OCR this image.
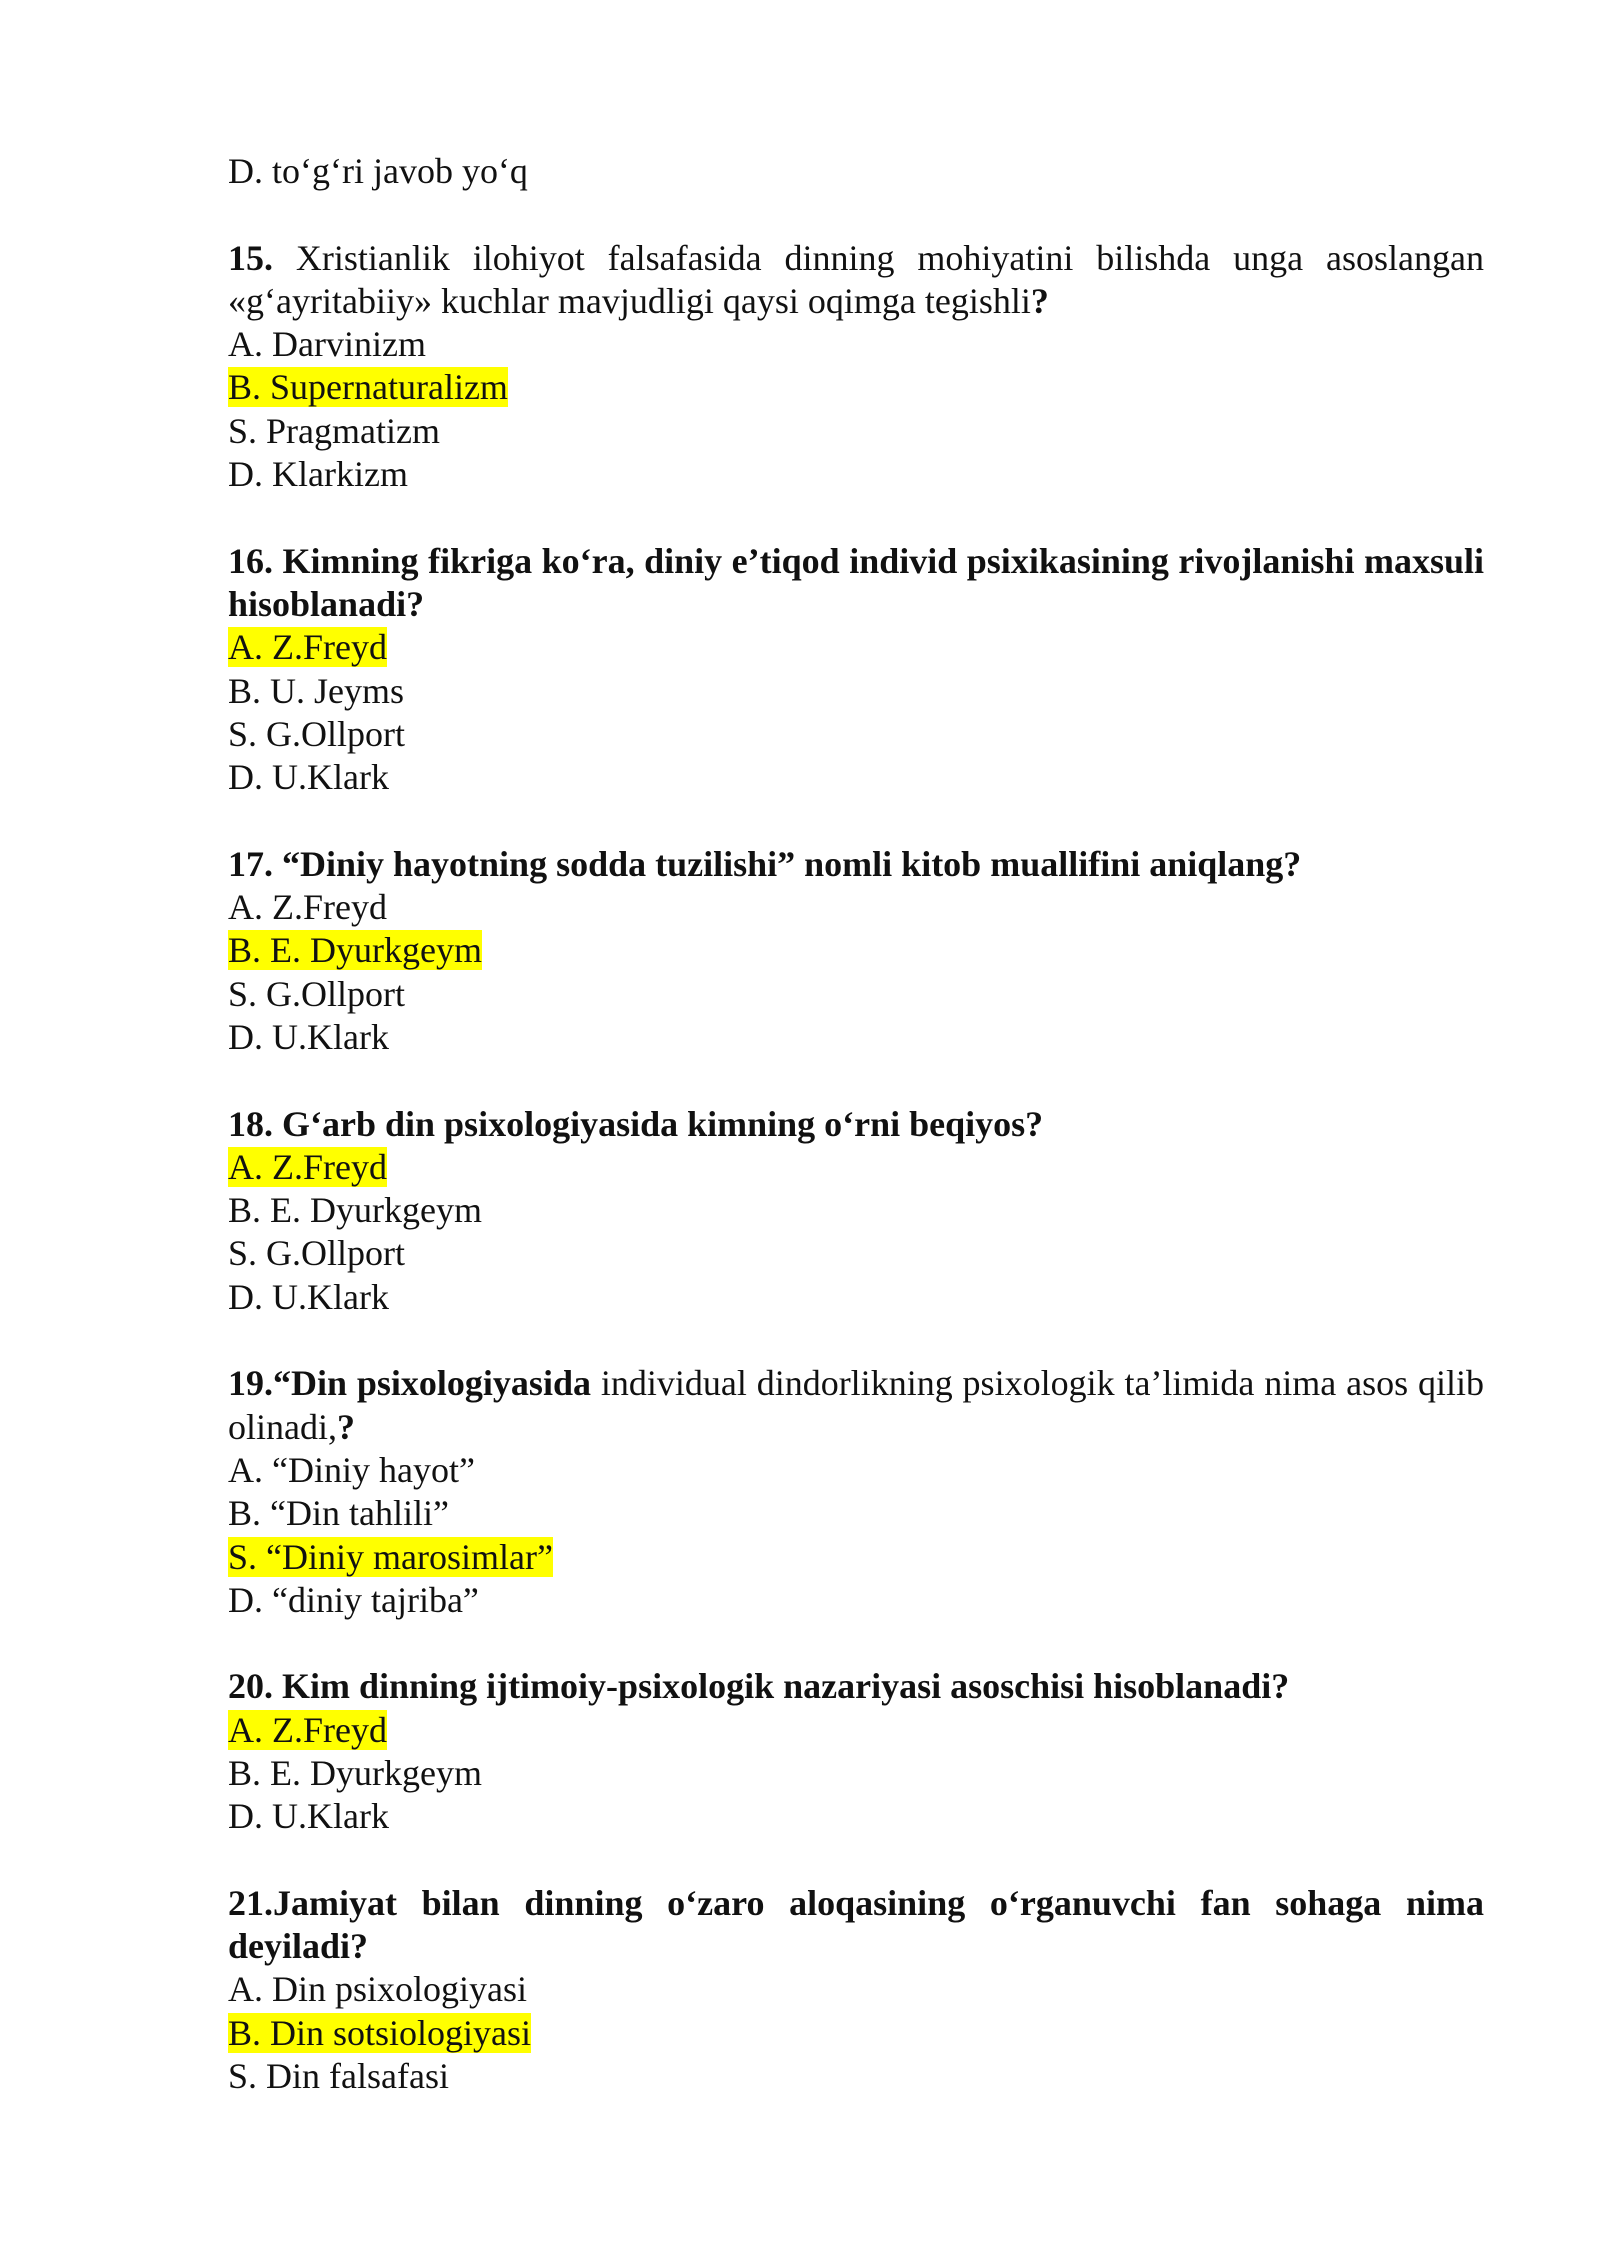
D. to‘g‘ri javob yo‘q
15. Xristianlik ilohiyot falsafasida dinning mohiyatini bilishda unga asoslangan «g‘ayritabiiy» kuchlar mavjudligi qaysi oqimga tegishli?
A. Darvinizm
B. Supernaturalizm
S. Pragmatizm
D. Klarkizm
16. Kimning fikriga ko‘ra, diniy e’tiqod individ psixikasining rivojlanishi maxsuli hisoblanadi?
A. Z.Freyd
B. U. Jeyms
S. G.Ollport
D. U.Klark
17. “Diniy hayotning sodda tuzilishi” nomli kitob muallifini aniqlang?
A. Z.Freyd
B. E. Dyurkgeym
S. G.Ollport
D. U.Klark
18. G‘arb din psixologiyasida kimning o‘rni beqiyos?
A. Z.Freyd
B. E. Dyurkgeym
S. G.Ollport
D. U.Klark
19.“Din psixologiyasida individual dindorlikning psixologik ta’limida nima asos qilib olinadi,?
A. “Diniy hayot”
B. “Din tahlili”
S. “Diniy marosimlar”
D. “diniy tajriba”
20. Kim dinning ijtimoiy-psixologik nazariyasi asoschisi hisoblanadi?
A. Z.Freyd
B. E. Dyurkgeym
D. U.Klark
21.Jamiyat bilan dinning o‘zaro aloqasining o‘rganuvchi fan sohaga nima deyiladi?
A. Din psixologiyasi
B. Din sotsiologiyasi
S. Din falsafasi
